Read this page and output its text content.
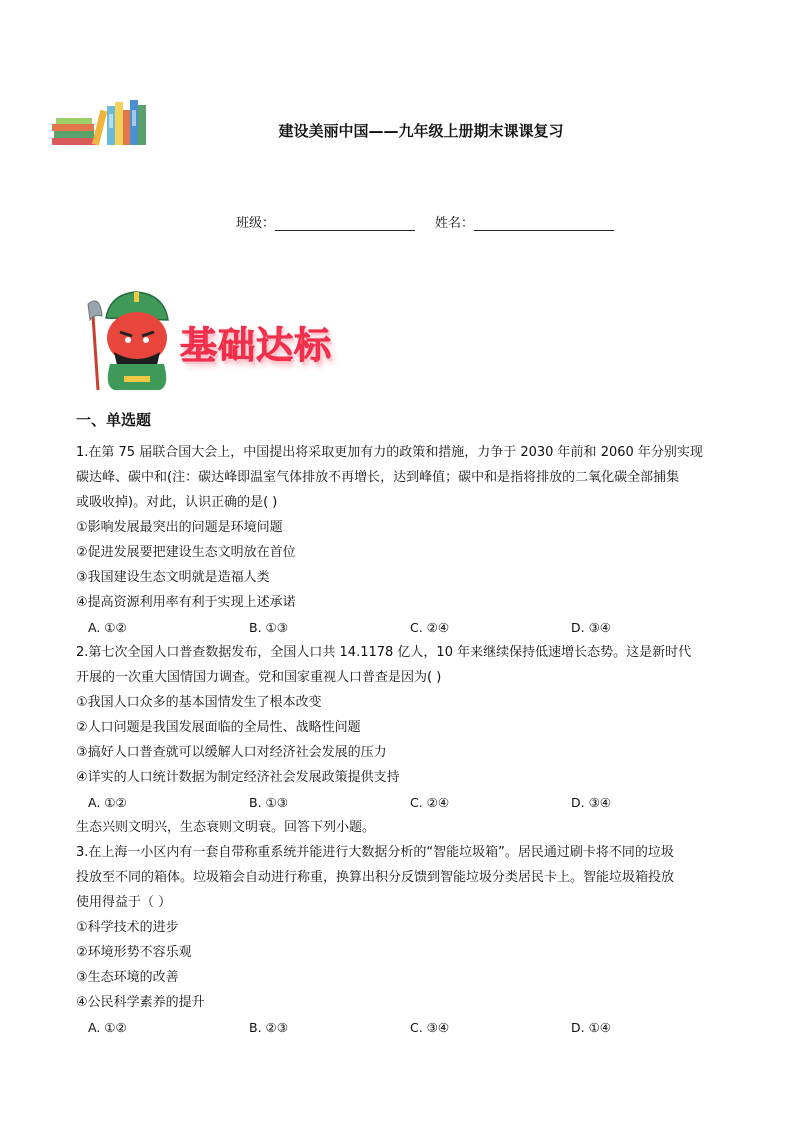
建设美丽中国——九年级上册期末课课复习
班级：	姓名：
基础达标
一、单选题

1.在第 75 届联合国大会上，中国提出将采取更加有力的政策和措施，力争于 2030 年前和 2060 年分别实现

碳达峰、碳中和(注：碳达峰即温室气体排放不再增长，达到峰值；碳中和是指将排放的二氧化碳全部捕集

或吸收掉)。对此，认识正确的是( )

①影响发展最突出的问题是环境问题

②促进发展要把建设生态文明放在首位

③我国建设生态文明就是造福人类

④提高资源利用率有利于实现上述承诺

A. ①②	B. ①③	C. ②④	D. ③④

2.第七次全国人口普查数据发布，全国人口共 14.1178 亿人，10 年来继续保持低速增长态势。这是新时代

开展的一次重大国情国力调查。党和国家重视人口普查是因为( )

①我国人口众多的基本国情发生了根本改变

②人口问题是我国发展面临的全局性、战略性问题

③搞好人口普查就可以缓解人口对经济社会发展的压力

④详实的人口统计数据为制定经济社会发展政策提供支持

A. ①②	B. ①③	C. ②④	D. ③④

生态兴则文明兴，生态衰则文明衰。回答下列小题。

3.在上海一小区内有一套自带称重系统并能进行大数据分析的“智能垃圾箱”。居民通过刷卡将不同的垃圾

投放至不同的箱体。垃圾箱会自动进行称重，换算出积分反馈到智能垃圾分类居民卡上。智能垃圾箱投放

使用得益于（ ）

①科学技术的进步

②环境形势不容乐观

③生态环境的改善

④公民科学素养的提升

A. ①②	B. ②③	C. ③④	D. ①④
